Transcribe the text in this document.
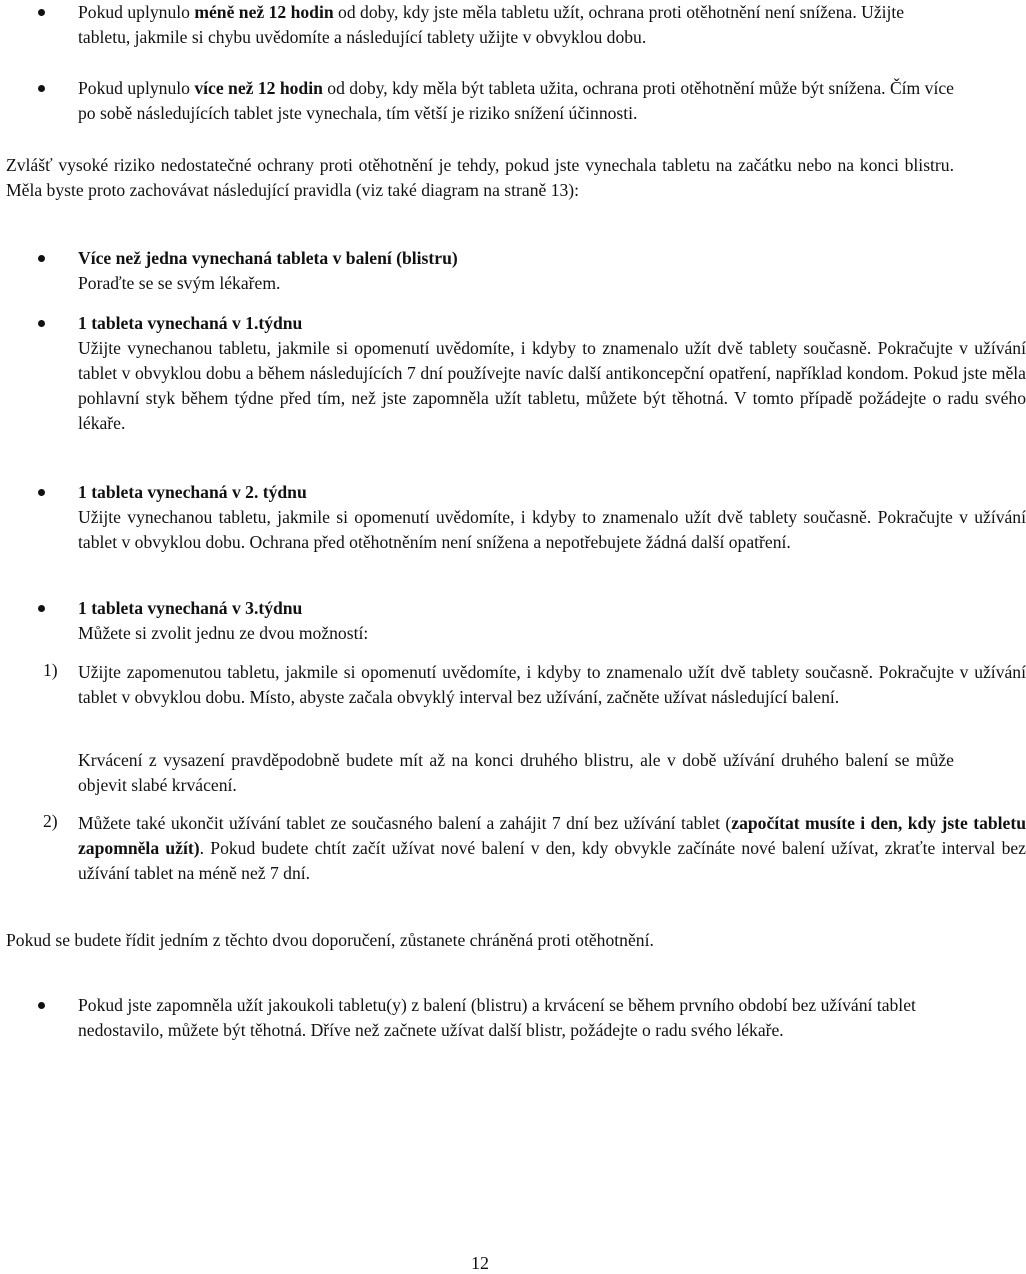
Pokud uplynulo méně než 12 hodin od doby, kdy jste měla tabletu užít, ochrana proti otěhotnění není snížena. Užijte tabletu, jakmile si chybu uvědomíte a následující tablety užijte v obvyklou dobu.

Pokud uplynulo více než 12 hodin od doby, kdy měla být tableta užita, ochrana proti otěhotnění může být snížena. Čím více po sobě následujících tablet jste vynechala, tím větší je riziko snížení účinnosti.

Zvlášť vysoké riziko nedostatečné ochrany proti otěhotnění je tehdy, pokud jste vynechala tabletu na začátku nebo na konci blistru. Měla byste proto zachovávat následující pravidla (viz také diagram na straně 13):

Více než jedna vynechaná tableta v balení (blistru)

Poraďte se se svým lékařem.

1 tableta vynechaná v 1.týdnu

Užijte vynechanou tabletu, jakmile si opomenutí uvědomíte, i kdyby to znamenalo užít dvě tablety současně. Pokračujte v užívání tablet v obvyklou dobu a během následujících 7 dní používejte navíc další antikoncepční opatření, například kondom. Pokud jste měla pohlavní styk během týdne před tím, než jste zapomněla užít tabletu, můžete být těhotná. V tomto případě požádejte o radu svého lékaře.

1 tableta vynechaná v 2. týdnu

Užijte vynechanou tabletu, jakmile si opomenutí uvědomíte, i kdyby to znamenalo užít dvě tablety současně. Pokračujte v užívání tablet v obvyklou dobu. Ochrana před otěhotněním není snížena a nepotřebujete žádná další opatření.

1 tableta vynechaná v 3.týdnu

Můžete si zvolit jednu ze dvou možností:

1) Užijte zapomenutou tabletu, jakmile si opomenutí uvědomíte, i kdyby to znamenalo užít dvě tablety současně. Pokračujte v užívání tablet v obvyklou dobu. Místo, abyste začala obvyklý interval bez užívání, začněte užívat následující balení.

Krvácení z vysazení pravděpodobně budete mít až na konci druhého blistru, ale v době užívání druhého balení se může objevit slabé krvácení.

2) Můžete také ukončit užívání tablet ze současného balení a zahájit 7 dní bez užívání tablet (započítat musíte i den, kdy jste tabletu zapomněla užít). Pokud budete chtít začít užívat nové balení v den, kdy obvykle začínáte nové balení užívat, zkraťte interval bez užívání tablet na méně než 7 dní.

Pokud se budete řídit jedním z těchto dvou doporučení, zůstanete chráněná proti otěhotnění.

Pokud jste zapomněla užít jakoukoli tabletu(y) z balení (blistru) a krvácení se během prvního období bez užívání tablet nedostavilo, můžete být těhotná. Dříve než začnete užívat další blistr, požádejte o radu svého lékaře.

12
